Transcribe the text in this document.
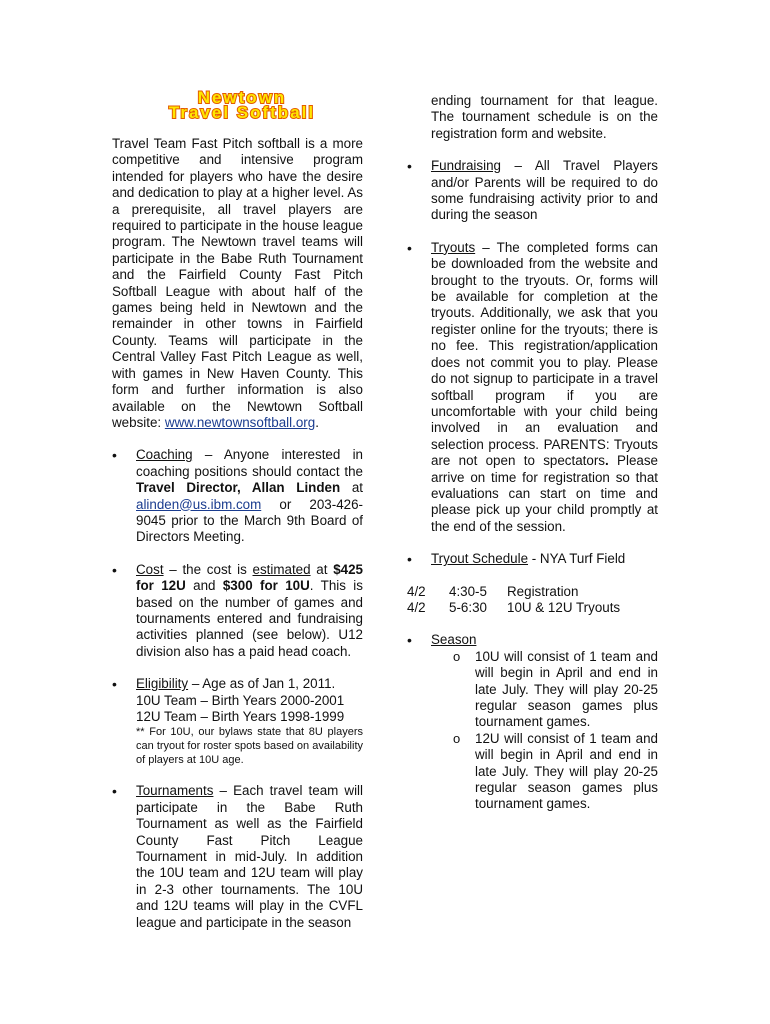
Newtown
Travel Softball

Travel Team Fast Pitch softball is a more competitive and intensive program intended for players who have the desire and dedication to play at a higher level. As a prerequisite, all travel players are required to participate in the house league program. The Newtown travel teams will participate in the Babe Ruth Tournament and the Fairfield County Fast Pitch Softball League with about half of the games being held in Newtown and the remainder in other towns in Fairfield County. Teams will participate in the Central Valley Fast Pitch League as well, with games in New Haven County. This form and further information is also available on the Newtown Softball website: www.newtownsoftball.org.

• Coaching – Anyone interested in coaching positions should contact the Travel Director, Allan Linden at alinden@us.ibm.com or 203-426-9045 prior to the March 9th Board of Directors Meeting.
• Cost – the cost is estimated at $425 for 12U and $300 for 10U. This is based on the number of games and tournaments entered and fundraising activities planned (see below). U12 division also has a paid head coach.
• Eligibility – Age as of Jan 1, 2011.
10U Team – Birth Years 2000-2001
12U Team – Birth Years 1998-1999
** For 10U, our bylaws state that 8U players can tryout for roster spots based on availability of players at 10U age.
• Tournaments – Each travel team will participate in the Babe Ruth Tournament as well as the Fairfield County Fast Pitch League Tournament in mid-July. In addition the 10U team and 12U team will play in 2-3 other tournaments. The 10U and 12U teams will play in the CVFL league and participate in the season

ending tournament for that league. The tournament schedule is on the registration form and website.

• Fundraising – All Travel Players and/or Parents will be required to do some fundraising activity prior to and during the season
• Tryouts – The completed forms can be downloaded from the website and brought to the tryouts. Or, forms will be available for completion at the tryouts. Additionally, we ask that you register online for the tryouts; there is no fee. This registration/application does not commit you to play. Please do not signup to participate in a travel softball program if you are uncomfortable with your child being involved in an evaluation and selection process. PARENTS: Tryouts are not open to spectators. Please arrive on time for registration so that evaluations can start on time and please pick up your child promptly at the end of the session.
• Tryout Schedule - NYA Turf Field
4/2	4:30-5	Registration
4/2	5-6:30	10U & 12U Tryouts
• Season
o 10U will consist of 1 team and will begin in April and end in late July. They will play 20-25 regular season games plus tournament games.
o 12U will consist of 1 team and will begin in April and end in late July. They will play 20-25 regular season games plus tournament games.
